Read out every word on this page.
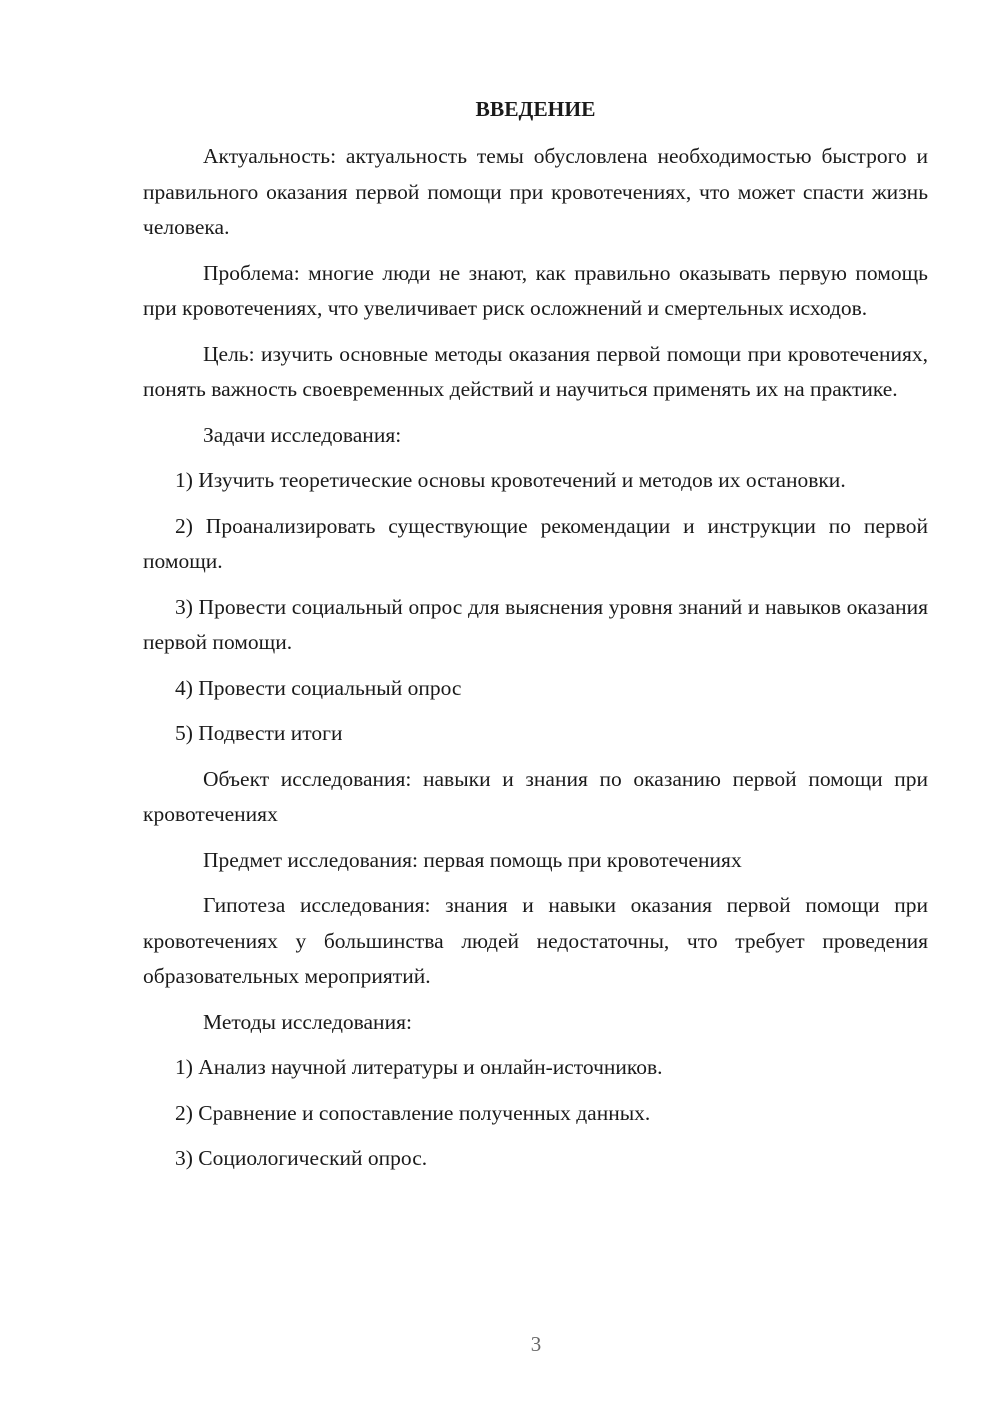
ВВЕДЕНИЕ

Актуальность: актуальность темы обусловлена необходимостью быстрого и правильного оказания первой помощи при кровотечениях, что может спасти жизнь человека.

Проблема: многие люди не знают, как правильно оказывать первую помощь при кровотечениях, что увеличивает риск осложнений и смертельных исходов.

Цель: изучить основные методы оказания первой помощи при кровотечениях, понять важность своевременных действий и научиться применять их на практике.

Задачи исследования:

1) Изучить теоретические основы кровотечений и методов их остановки.

2) Проанализировать существующие рекомендации и инструкции по первой помощи.

3) Провести социальный опрос для выяснения уровня знаний и навыков оказания первой помощи.

4) Провести социальный опрос

5) Подвести итоги

Объект исследования: навыки и знания по оказанию первой помощи при кровотечениях

Предмет исследования: первая помощь при кровотечениях

Гипотеза исследования: знания и навыки оказания первой помощи при кровотечениях у большинства людей недостаточны, что требует проведения образовательных мероприятий.

Методы исследования:

1) Анализ научной литературы и онлайн-источников.

2) Сравнение и сопоставление полученных данных.

3) Социологический опрос.

3
